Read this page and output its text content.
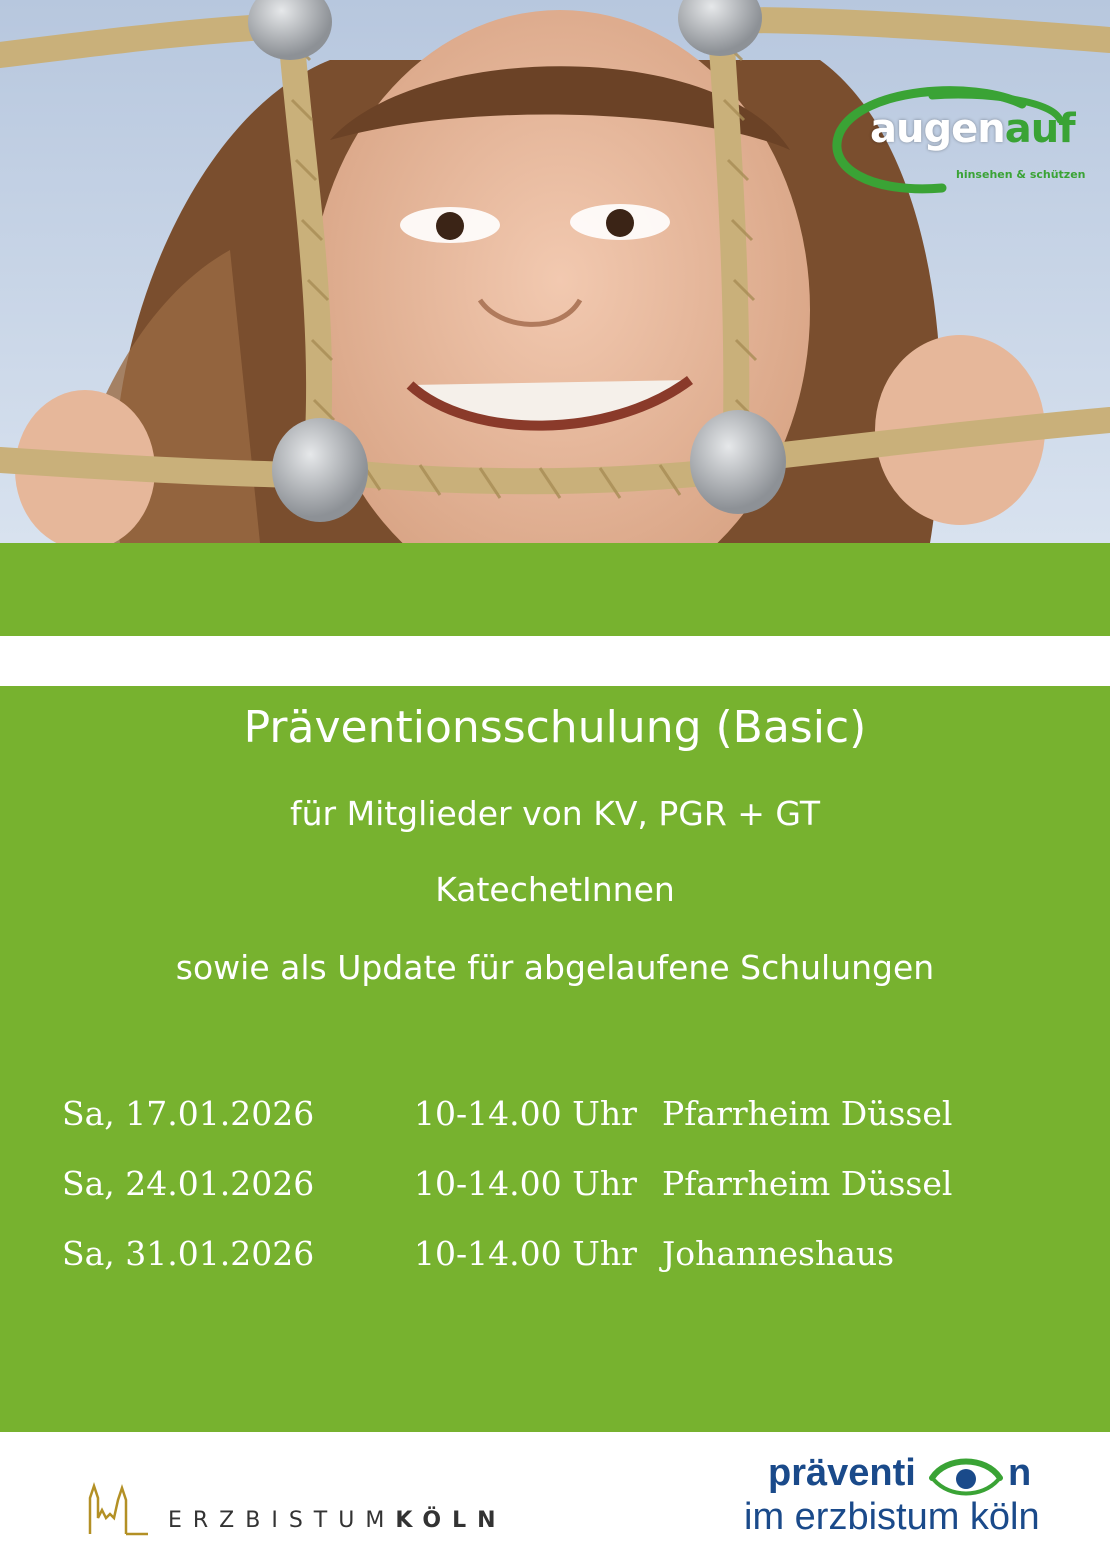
augenauf
hinsehen & schützen
Präventionsschulung (Basic)
für Mitglieder von KV, PGR + GT
KatechetInnen
sowie als Update für abgelaufene Schulungen
Sa, 17.01.2026	10-14.00 Uhr Pfarrheim Düssel
Sa, 24.01.2026	10-14.00 Uhr Pfarrheim Düssel
Sa, 31.01.2026	10-14.00 Uhr Johanneshaus
ERZBISTUMKÖLN
präventi n
im erzbistum köln
